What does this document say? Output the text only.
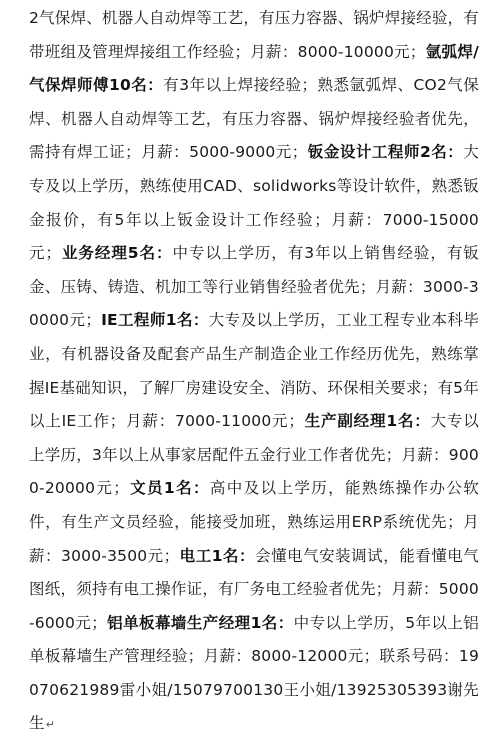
2气保焊、机器人自动焊等工艺，有压力容器、锅炉焊接经验，有带班组及管理焊接组工作经验；月薪：8000-10000元；氩弧焊/气保焊师傅10名：有3年以上焊接经验；熟悉氩弧焊、CO2气保焊、机器人自动焊等工艺，有压力容器、锅炉焊接经验者优先，需持有焊工证；月薪：5000-9000元；钣金设计工程师2名：大专及以上学历，熟练使用CAD、solidworks等设计软件，熟悉钣金报价，有5年以上钣金设计工作经验；月薪：7000-15000元；业务经理5名：中专以上学历，有3年以上销售经验，有钣金、压铸、铸造、机加工等行业销售经验者优先；月薪：3000-30000元；IE工程师1名：大专及以上学历，工业工程专业本科毕业，有机器设备及配套产品生产制造企业工作经历优先，熟练掌握IE基础知识，了解厂房建设安全、消防、环保相关要求；有5年以上IE工作；月薪：7000-11000元；生产副经理1名：大专以上学历，3年以上从事家居配件五金行业工作者优先；月薪：9000-20000元；文员1名：高中及以上学历，能熟练操作办公软件，有生产文员经验，能接受加班，熟练运用ERP系统优先；月薪：3000-3500元；电工1名：会懂电气安装调试，能看懂电气图纸，须持有电工操作证，有厂务电工经验者优先；月薪：5000-6000元；铝单板幕墙生产经理1名：中专以上学历，5年以上铝单板幕墙生产管理经验；月薪：8000-12000元；联系号码：19070621989雷小姐/15079700130王小姐/13925305393谢先生↵
